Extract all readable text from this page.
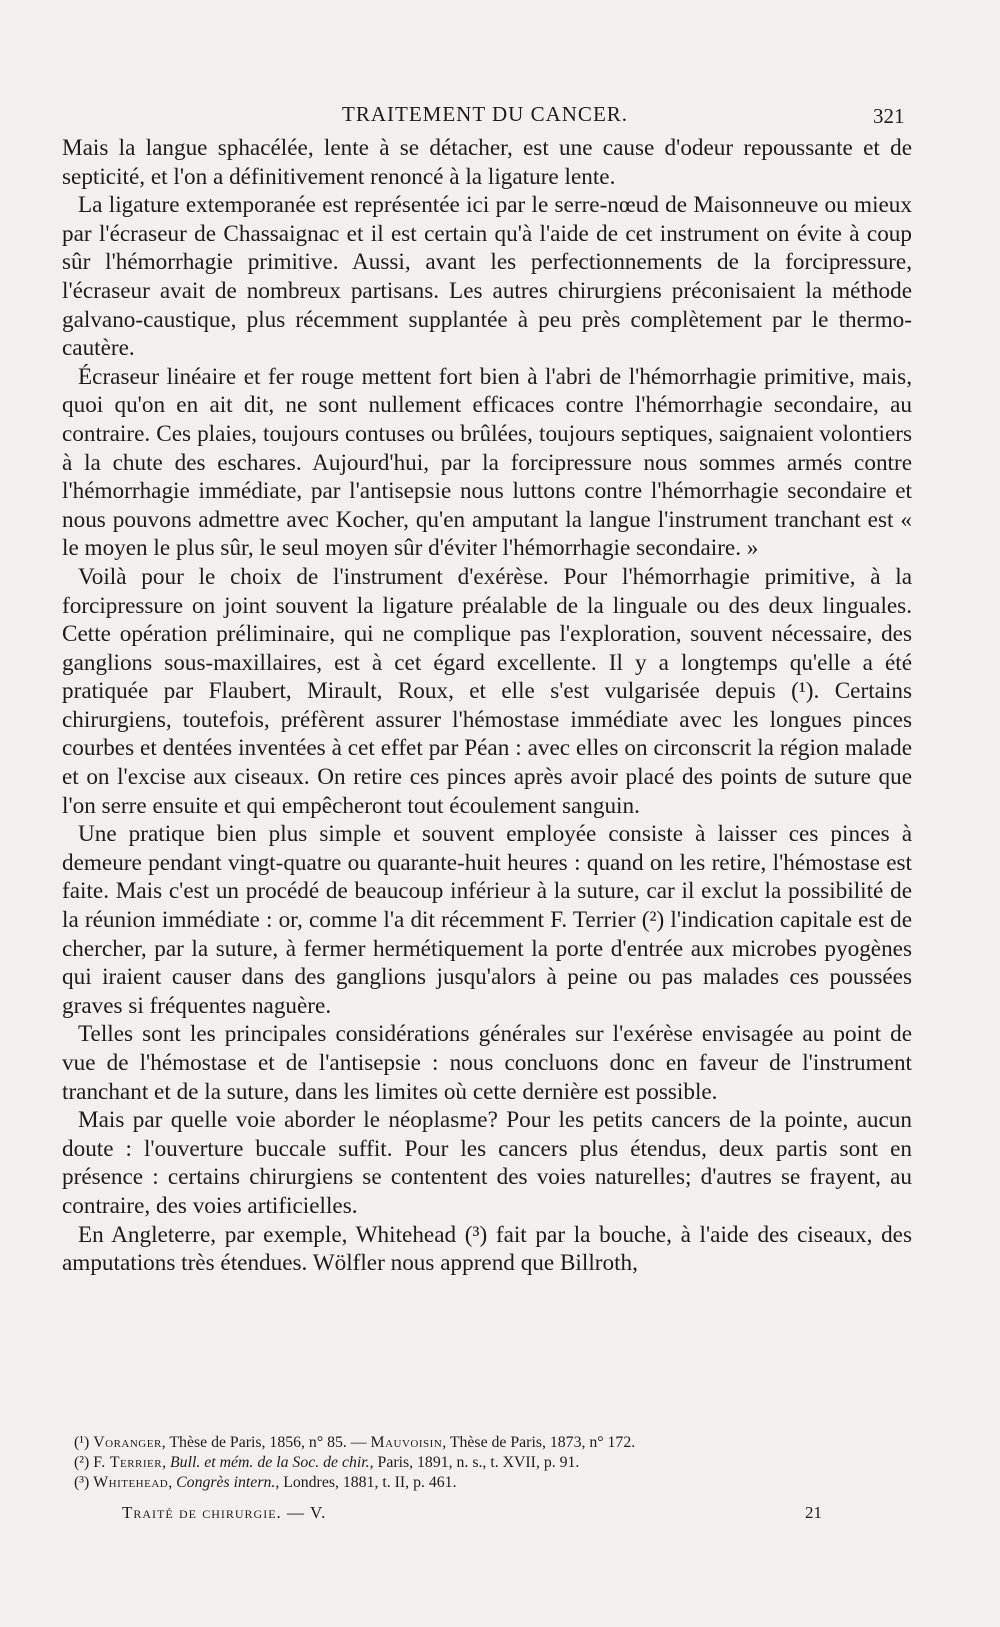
TRAITEMENT DU CANCER.	321

Mais la langue sphacélée, lente à se détacher, est une cause d'odeur repoussante et de septicité, et l'on a définitivement renoncé à la ligature lente.

La ligature extemporanée est représentée ici par le serre-nœud de Maisonneuve ou mieux par l'écraseur de Chassaignac et il est certain qu'à l'aide de cet instrument on évite à coup sûr l'hémorrhagie primitive. Aussi, avant les perfectionnements de la forcipressure, l'écraseur avait de nombreux partisans. Les autres chirurgiens préconisaient la méthode galvano-caustique, plus récemment supplantée à peu près complètement par le thermo-cautère.

Écraseur linéaire et fer rouge mettent fort bien à l'abri de l'hémorrhagie primitive, mais, quoi qu'on en ait dit, ne sont nullement efficaces contre l'hémorrhagie secondaire, au contraire. Ces plaies, toujours contuses ou brûlées, toujours septiques, saignaient volontiers à la chute des eschares. Aujourd'hui, par la forcipressure nous sommes armés contre l'hémorrhagie immédiate, par l'antisepsie nous luttons contre l'hémorrhagie secondaire et nous pouvons admettre avec Kocher, qu'en amputant la langue l'instrument tranchant est « le moyen le plus sûr, le seul moyen sûr d'éviter l'hémorrhagie secondaire. »

Voilà pour le choix de l'instrument d'exérèse. Pour l'hémorrhagie primitive, à la forcipressure on joint souvent la ligature préalable de la linguale ou des deux linguales. Cette opération préliminaire, qui ne complique pas l'exploration, souvent nécessaire, des ganglions sous-maxillaires, est à cet égard excellente. Il y a longtemps qu'elle a été pratiquée par Flaubert, Mirault, Roux, et elle s'est vulgarisée depuis (¹). Certains chirurgiens, toutefois, préfèrent assurer l'hémostase immédiate avec les longues pinces courbes et dentées inventées à cet effet par Péan : avec elles on circonscrit la région malade et on l'excise aux ciseaux. On retire ces pinces après avoir placé des points de suture que l'on serre ensuite et qui empêcheront tout écoulement sanguin.

Une pratique bien plus simple et souvent employée consiste à laisser ces pinces à demeure pendant vingt-quatre ou quarante-huit heures : quand on les retire, l'hémostase est faite. Mais c'est un procédé de beaucoup inférieur à la suture, car il exclut la possibilité de la réunion immédiate : or, comme l'a dit récemment F. Terrier (²) l'indication capitale est de chercher, par la suture, à fermer hermétiquement la porte d'entrée aux microbes pyogènes qui iraient causer dans des ganglions jusqu'alors à peine ou pas malades ces poussées graves si fréquentes naguère.

Telles sont les principales considérations générales sur l'exérèse envisagée au point de vue de l'hémostase et de l'antisepsie : nous concluons donc en faveur de l'instrument tranchant et de la suture, dans les limites où cette dernière est possible.

Mais par quelle voie aborder le néoplasme? Pour les petits cancers de la pointe, aucun doute : l'ouverture buccale suffit. Pour les cancers plus étendus, deux partis sont en présence : certains chirurgiens se contentent des voies naturelles; d'autres se frayent, au contraire, des voies artificielles.

En Angleterre, par exemple, Whitehead (³) fait par la bouche, à l'aide des ciseaux, des amputations très étendues. Wölfler nous apprend que Billroth,

(¹) Voranger, Thèse de Paris, 1856, n° 85. — Mauvoisin, Thèse de Paris, 1873, n° 172.

(²) F. Terrier, Bull. et mém. de la Soc. de chir., Paris, 1891, n. s., t. XVII, p. 91.

(³) Whitehead, Congrès intern., Londres, 1881, t. II, p. 461.

Traité de chirurgie. — V.	21
